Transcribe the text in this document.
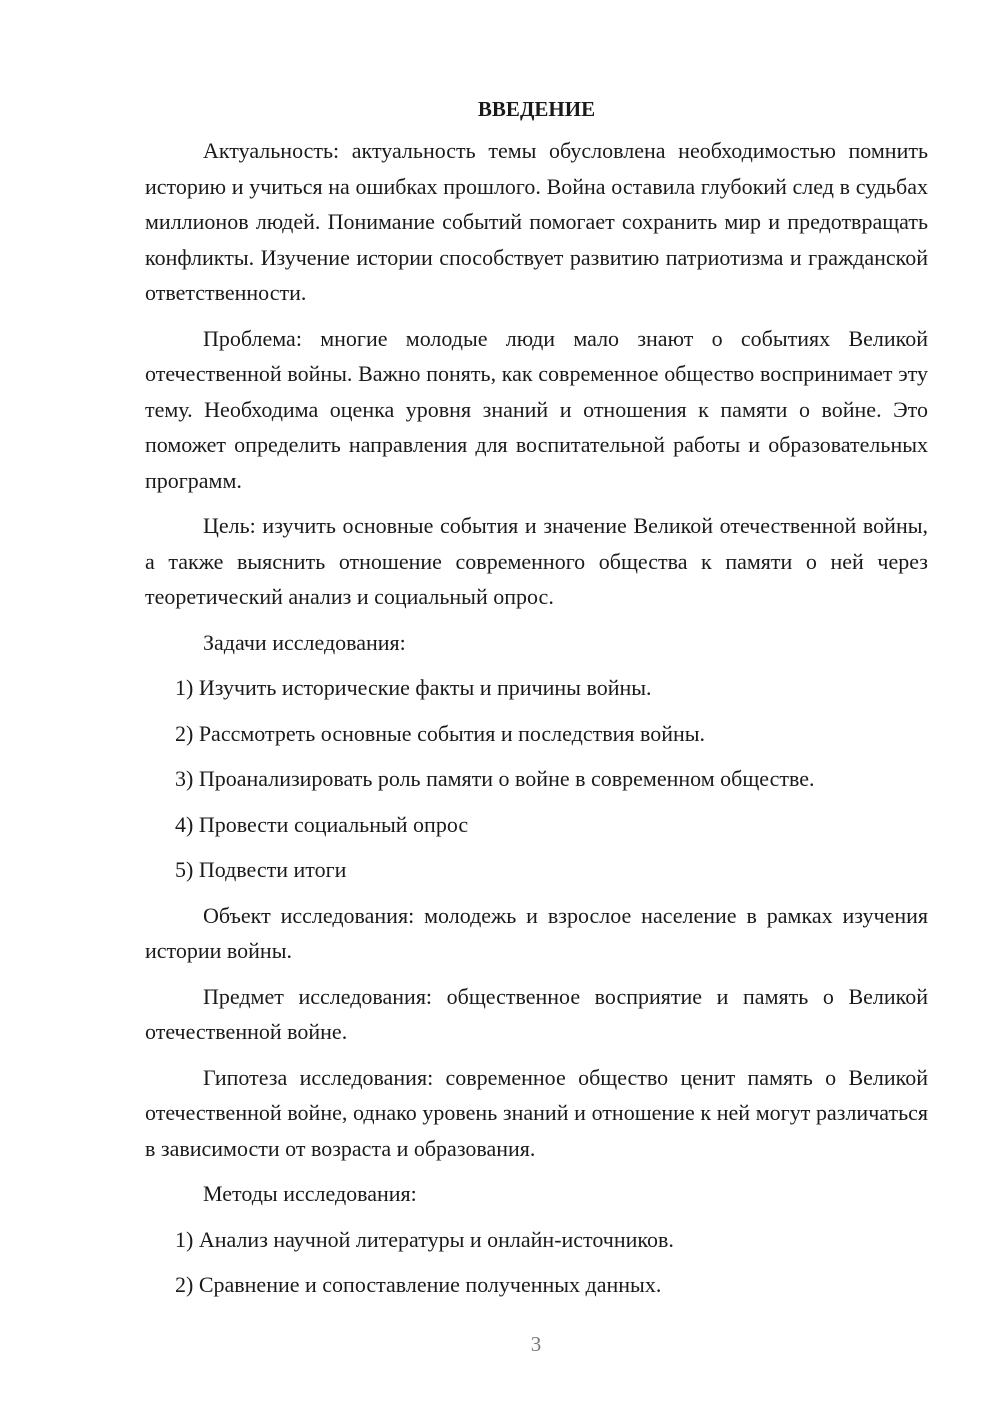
ВВЕДЕНИЕ

Актуальность: актуальность темы обусловлена необходимостью помнить историю и учиться на ошибках прошлого. Война оставила глубокий след в судьбах миллионов людей. Понимание событий помогает сохранить мир и предотвращать конфликты. Изучение истории способствует развитию патриотизма и гражданской ответственности.

Проблема: многие молодые люди мало знают о событиях Великой отечественной войны. Важно понять, как современное общество воспринимает эту тему. Необходима оценка уровня знаний и отношения к памяти о войне. Это поможет определить направления для воспитательной работы и образовательных программ.

Цель: изучить основные события и значение Великой отечественной войны, а также выяснить отношение современного общества к памяти о ней через теоретический анализ и социальный опрос.

Задачи исследования:

1) Изучить исторические факты и причины войны.

2) Рассмотреть основные события и последствия войны.

3) Проанализировать роль памяти о войне в современном обществе.

4) Провести социальный опрос

5) Подвести итоги

Объект исследования: молодежь и взрослое население в рамках изучения истории войны.

Предмет исследования: общественное восприятие и память о Великой отечественной войне.

Гипотеза исследования: современное общество ценит память о Великой отечественной войне, однако уровень знаний и отношение к ней могут различаться в зависимости от возраста и образования.

Методы исследования:

1) Анализ научной литературы и онлайн-источников.

2) Сравнение и сопоставление полученных данных.

3
